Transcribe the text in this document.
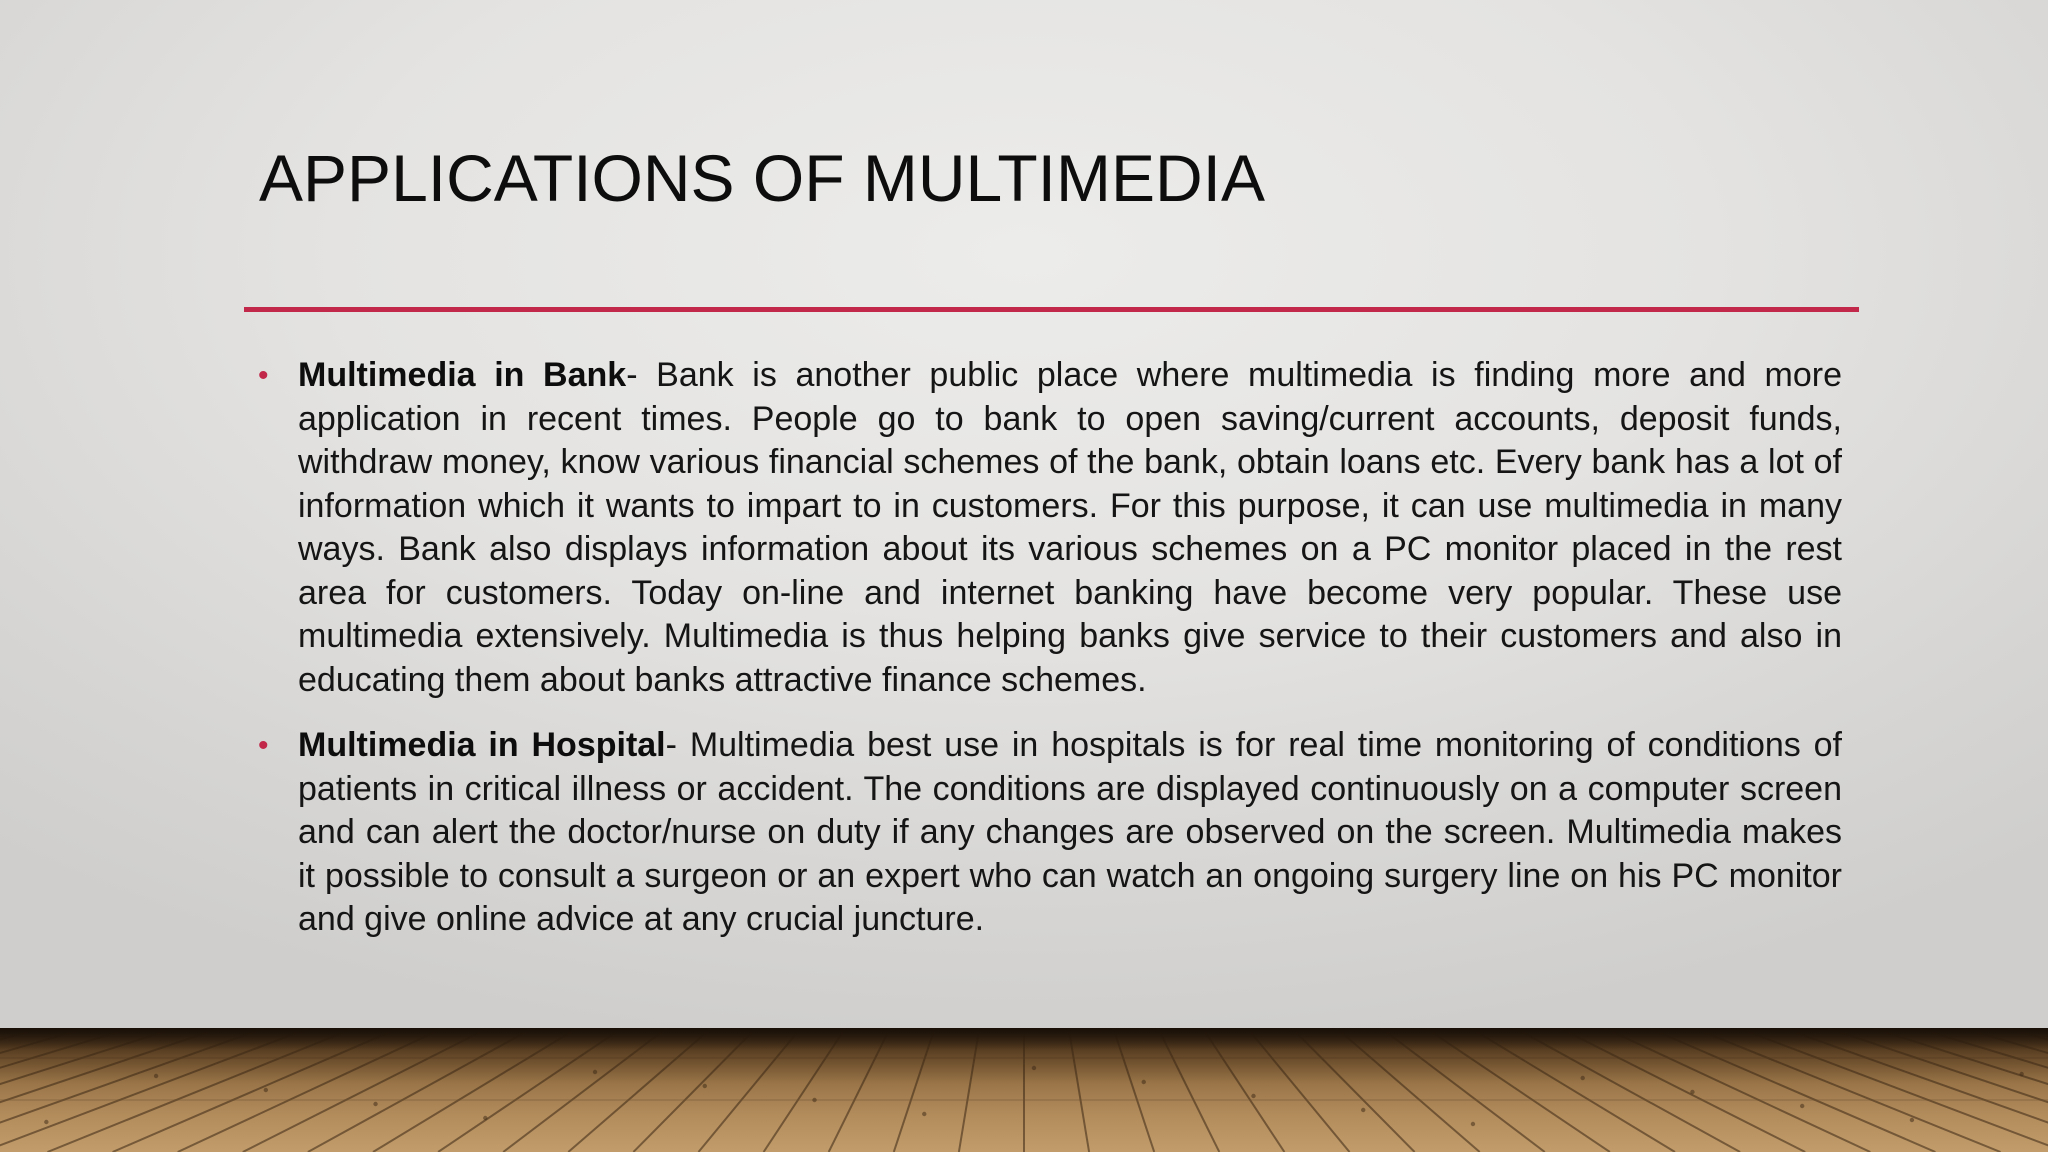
APPLICATIONS OF MULTIMEDIA

• Multimedia in Bank- Bank is another public place where multimedia is finding more and more application in recent times. People go to bank to open saving/current accounts, deposit funds, withdraw money, know various financial schemes of the bank, obtain loans etc. Every bank has a lot of information which it wants to impart to in customers. For this purpose, it can use multimedia in many ways. Bank also displays information about its various schemes on a PC monitor placed in the rest area for customers. Today on-line and internet banking have become very popular. These use multimedia extensively. Multimedia is thus helping banks give service to their customers and also in educating them about banks attractive finance schemes.

• Multimedia in Hospital- Multimedia best use in hospitals is for real time monitoring of conditions of patients in critical illness or accident. The conditions are displayed continuously on a computer screen and can alert the doctor/nurse on duty if any changes are observed on the screen. Multimedia makes it possible to consult a surgeon or an expert who can watch an ongoing surgery line on his PC monitor and give online advice at any crucial juncture.
